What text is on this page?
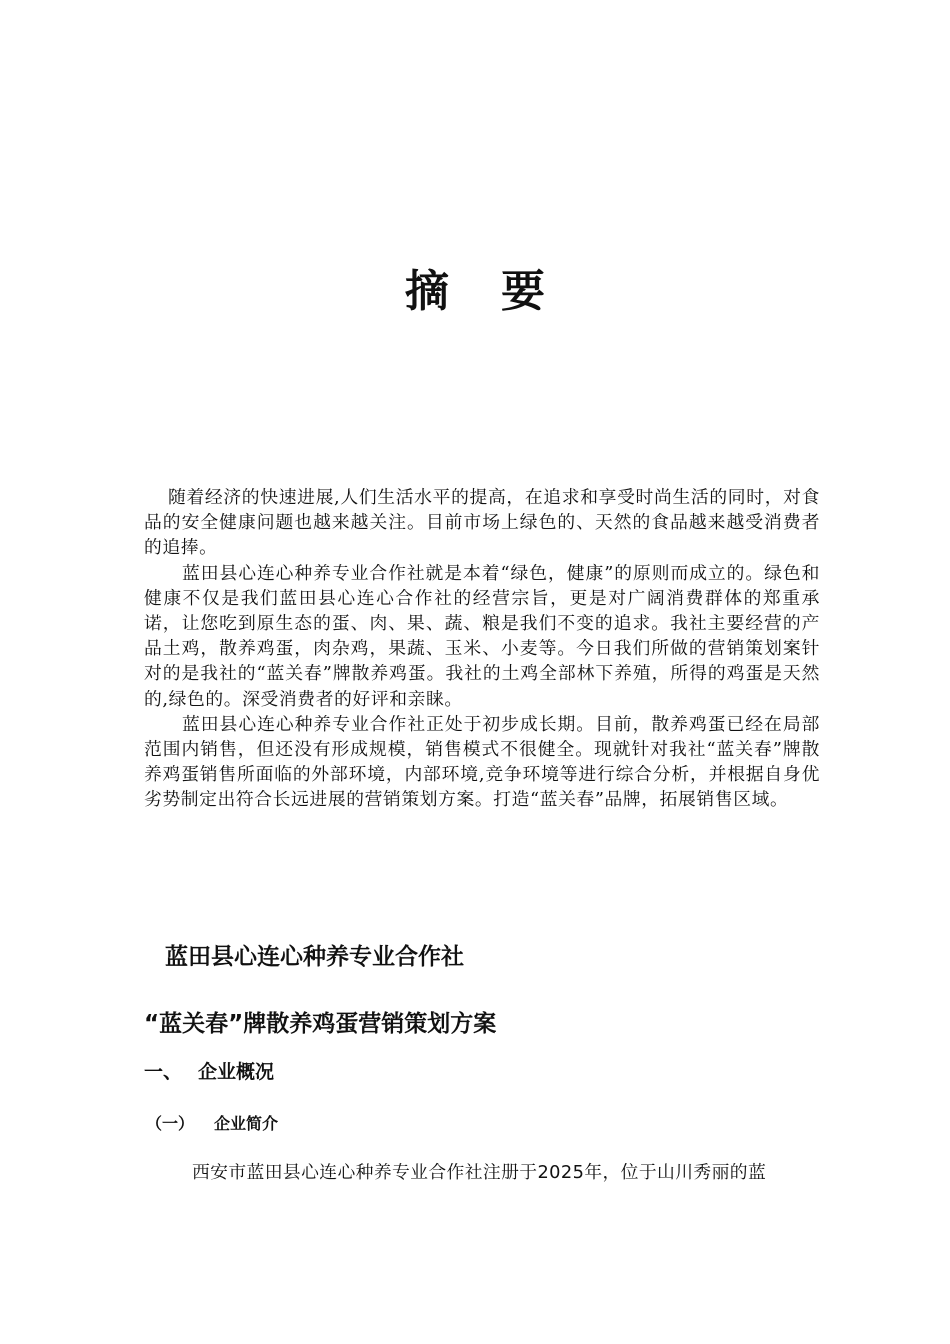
摘要

随着经济的快速进展,人们生活水平的提高，在追求和享受时尚生活的同时，对食品的安全健康问题也越来越关注。目前市场上绿色的、天然的食品越来越受消费者的追捧。

蓝田县心连心种养专业合作社就是本着“绿色，健康”的原则而成立的。绿色和健康不仅是我们蓝田县心连心合作社的经营宗旨，更是对广阔消费群体的郑重承诺，让您吃到原生态的蛋、肉、果、蔬、粮是我们不变的追求。我社主要经营的产品土鸡，散养鸡蛋，肉杂鸡，果蔬、玉米、小麦等。今日我们所做的营销策划案针对的是我社的“蓝关春”牌散养鸡蛋。我社的土鸡全部林下养殖，所得的鸡蛋是天然的,绿色的。深受消费者的好评和亲睐。

蓝田县心连心种养专业合作社正处于初步成长期。目前，散养鸡蛋已经在局部范围内销售，但还没有形成规模，销售模式不很健全。现就针对我社“蓝关春”牌散养鸡蛋销售所面临的外部环境，内部环境,竞争环境等进行综合分析，并根据自身优劣势制定出符合长远进展的营销策划方案。打造“蓝关春”品牌，拓展销售区域。

蓝田县心连心种养专业合作社
“蓝关春”牌散养鸡蛋营销策划方案
一、 企业概况
（一） 企业简介

西安市蓝田县心连心种养专业合作社注册于2025年，位于山川秀丽的蓝
